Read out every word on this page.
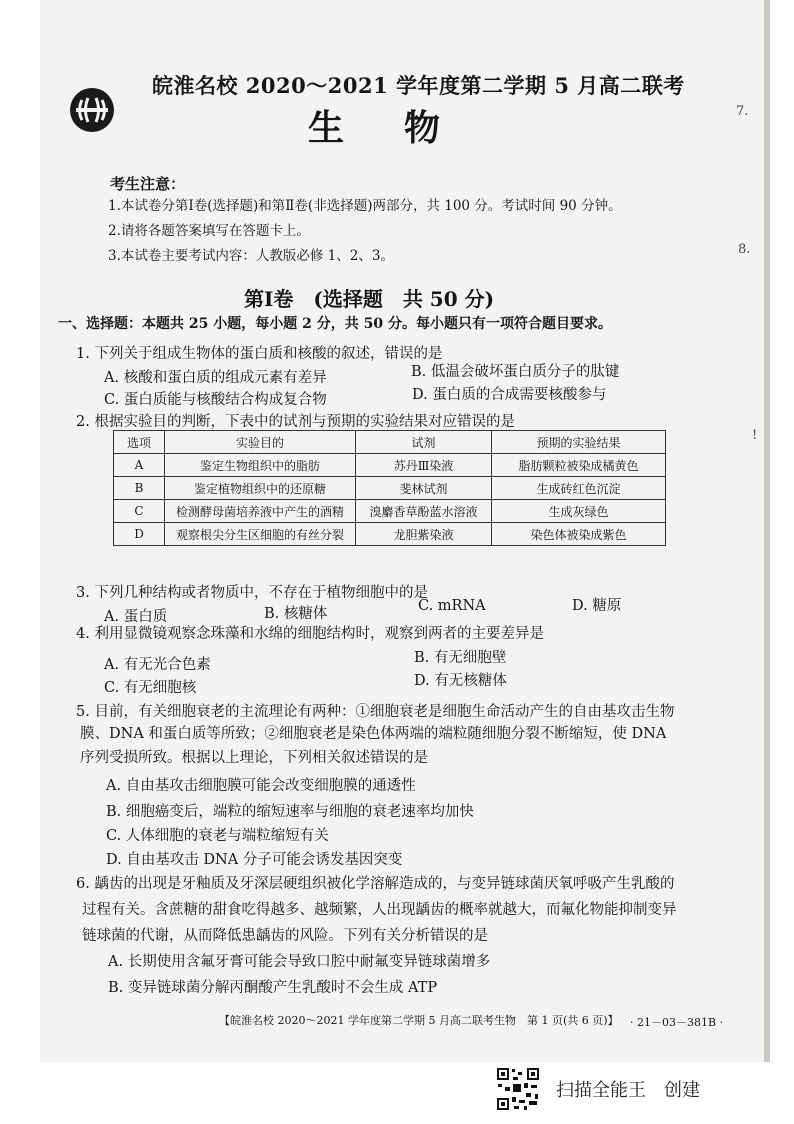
皖淮名校 2020～2021 学年度第二学期 5 月高二联考
生物
考生注意：
1.本试卷分第Ⅰ卷(选择题)和第Ⅱ卷(非选择题)两部分，共 100 分。考试时间 90 分钟。
2.请将各题答案填写在答题卡上。
3.本试卷主要考试内容：人教版必修 1、2、3。
第Ⅰ卷　(选择题　共 50 分)
一、选择题：本题共 25 小题，每小题 2 分，共 50 分。每小题只有一项符合题目要求。
1. 下列关于组成生物体的蛋白质和核酸的叙述，错误的是
A. 核酸和蛋白质的组成元素有差异	B. 低温会破坏蛋白质分子的肽键
C. 蛋白质能与核酸结合构成复合物	D. 蛋白质的合成需要核酸参与
2. 根据实验目的判断，下表中的试剂与预期的实验结果对应错误的是
选项	实验目的	试剂	预期的实验结果
A	鉴定生物组织中的脂肪	苏丹Ⅲ染液	脂肪颗粒被染成橘黄色
B	鉴定植物组织中的还原糖	斐林试剂	生成砖红色沉淀
C	检测酵母菌培养液中产生的酒精	溴麝香草酚蓝水溶液	生成灰绿色
D	观察根尖分生区细胞的有丝分裂	龙胆紫染液	染色体被染成紫色
3. 下列几种结构或者物质中，不存在于植物细胞中的是
A. 蛋白质	B. 核糖体	C. mRNA	D. 糖原
4. 利用显微镜观察念珠藻和水绵的细胞结构时，观察到两者的主要差异是
A. 有无光合色素	B. 有无细胞壁
C. 有无细胞核	D. 有无核糖体
5. 目前，有关细胞衰老的主流理论有两种：①细胞衰老是细胞生命活动产生的自由基攻击生物
膜、DNA 和蛋白质等所致；②细胞衰老是染色体两端的端粒随细胞分裂不断缩短，使 DNA
序列受损所致。根据以上理论，下列相关叙述错误的是
A. 自由基攻击细胞膜可能会改变细胞膜的通透性
B. 细胞癌变后，端粒的缩短速率与细胞的衰老速率均加快
C. 人体细胞的衰老与端粒缩短有关
D. 自由基攻击 DNA 分子可能会诱发基因突变
6. 龋齿的出现是牙釉质及牙深层硬组织被化学溶解造成的，与变异链球菌厌氧呼吸产生乳酸的
过程有关。含蔗糖的甜食吃得越多、越频繁，人出现龋齿的概率就越大，而氟化物能抑制变异
链球菌的代谢，从而降低患龋齿的风险。下列有关分析错误的是
A. 长期使用含氟牙膏可能会导致口腔中耐氟变异链球菌增多
B. 变异链球菌分解丙酮酸产生乳酸时不会生成 ATP
【皖淮名校 2020～2021 学年度第二学期 5 月高二联考生物　第 1 页(共 6 页)】 · 21－03－381B ·
7.
8.
!
扫描全能王　创建
